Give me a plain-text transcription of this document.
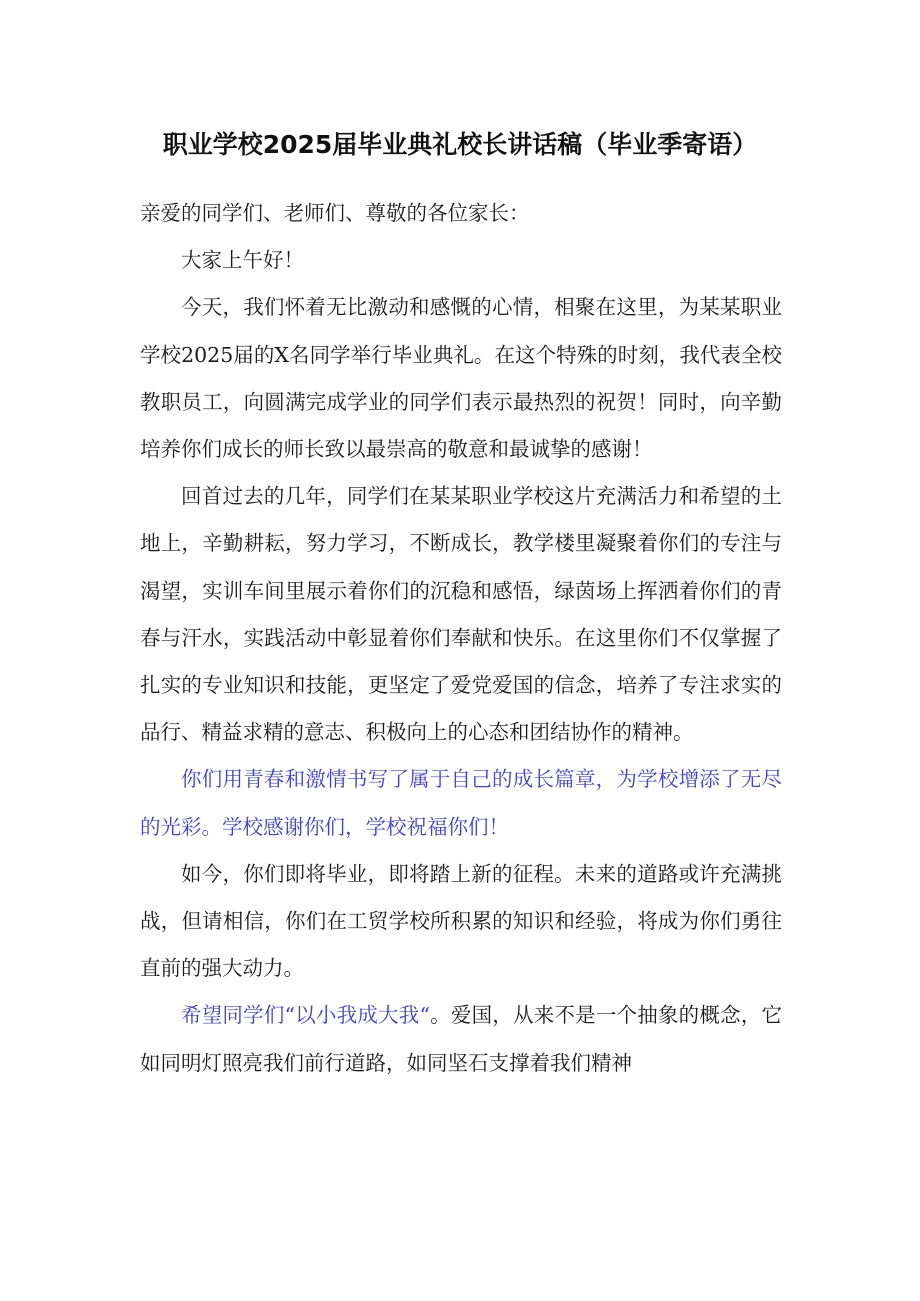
职业学校2025届毕业典礼校长讲话稿（毕业季寄语）

亲爱的同学们、老师们、尊敬的各位家长：

大家上午好！

今天，我们怀着无比激动和感慨的心情，相聚在这里，为某某职业学校2025届的X名同学举行毕业典礼。在这个特殊的时刻，我代表全校教职员工，向圆满完成学业的同学们表示最热烈的祝贺！同时，向辛勤培养你们成长的师长致以最崇高的敬意和最诚挚的感谢！

回首过去的几年，同学们在某某职业学校这片充满活力和希望的土地上，辛勤耕耘，努力学习，不断成长，教学楼里凝聚着你们的专注与渴望，实训车间里展示着你们的沉稳和感悟，绿茵场上挥洒着你们的青春与汗水，实践活动中彰显着你们奉献和快乐。在这里你们不仅掌握了扎实的专业知识和技能，更坚定了爱党爱国的信念，培养了专注求实的品行、精益求精的意志、积极向上的心态和团结协作的精神。

你们用青春和激情书写了属于自己的成长篇章，为学校增添了无尽的光彩。学校感谢你们，学校祝福你们！

如今，你们即将毕业，即将踏上新的征程。未来的道路或许充满挑战，但请相信，你们在工贸学校所积累的知识和经验，将成为你们勇往直前的强大动力。

希望同学们“以小我成大我“。爱国，从来不是一个抽象的概念，它如同明灯照亮我们前行道路，如同坚石支撑着我们精神
